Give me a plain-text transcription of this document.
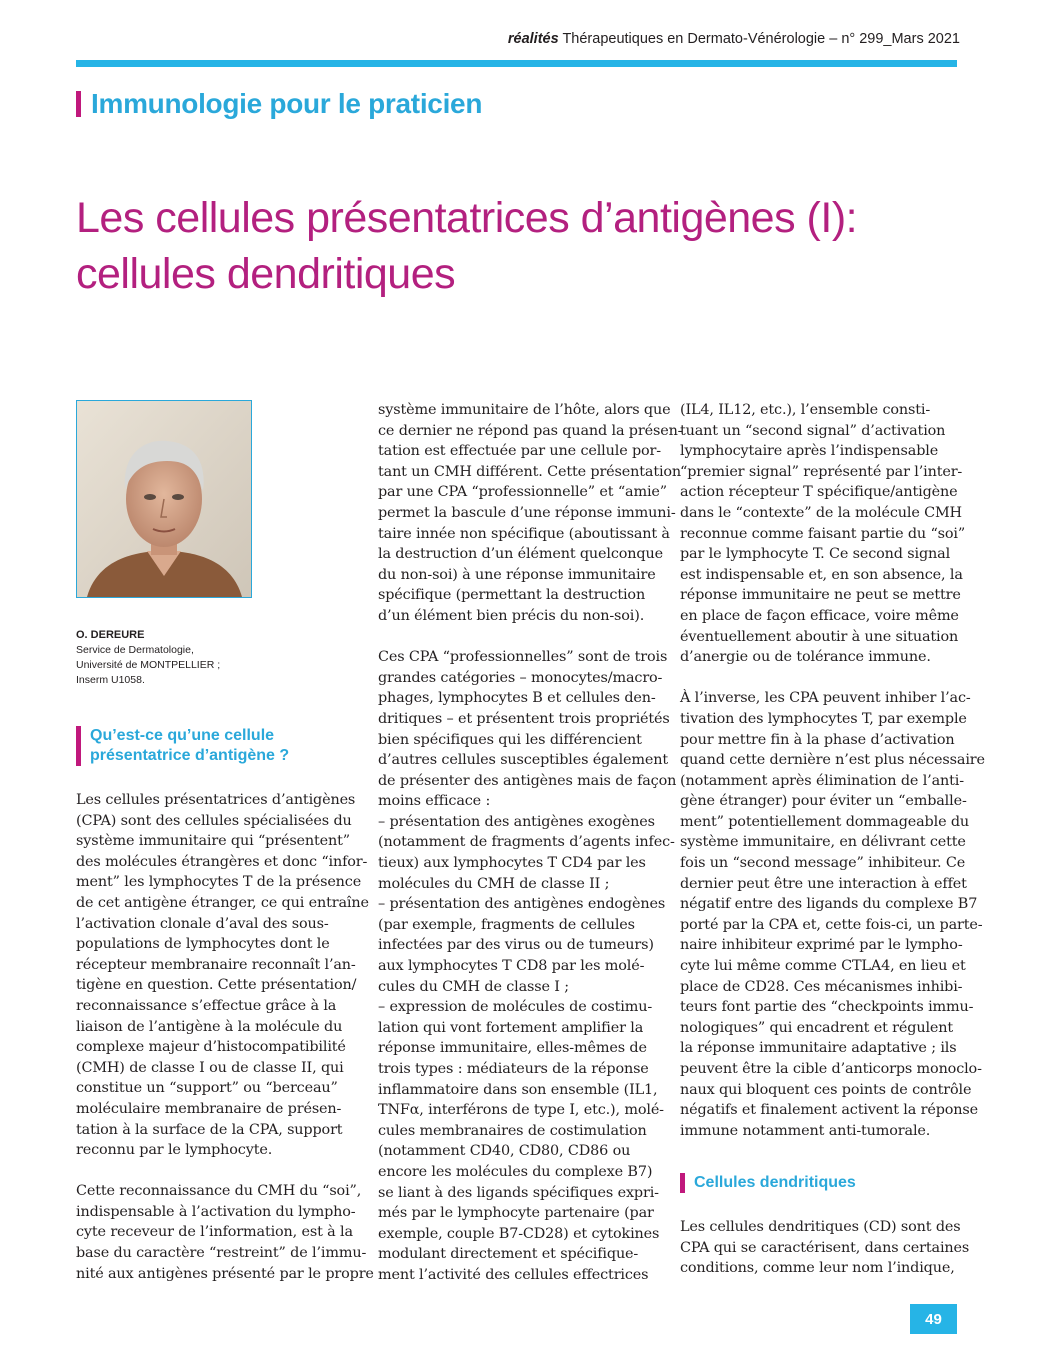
réalités Thérapeutiques en Dermato-Vénérologie – n° 299_Mars 2021
Immunologie pour le praticien
Les cellules présentatrices d’antigènes (I):
cellules dendritiques
O. DEREURE
Service de Dermatologie,
Université de MONTPELLIER ;
Inserm U1058.
Qu’est-ce qu’une cellule
présentatrice d’antigène ?
Les cellules présentatrices d’antigènes
(CPA) sont des cellules spécialisées du
système immunitaire qui “présentent”
des molécules étrangères et donc “infor-
ment” les lymphocytes T de la présence
de cet antigène étranger, ce qui entraîne
l’activation clonale d’aval des sous-
populations de lymphocytes dont le
récepteur membranaire reconnaît l’an-
tigène en question. Cette présentation/
reconnaissance s’effectue grâce à la
liaison de l’antigène à la molécule du
complexe majeur d’histocompatibilité
(CMH) de classe I ou de classe II, qui
constitue un “support” ou “berceau”
moléculaire membranaire de présen-
tation à la surface de la CPA, support
reconnu par le lymphocyte.
Cette reconnaissance du CMH du “soi”,
indispensable à l’activation du lympho-
cyte receveur de l’information, est à la
base du caractère “restreint” de l’immu-
nité aux antigènes présenté par le propre
système immunitaire de l’hôte, alors que
ce dernier ne répond pas quand la présen-
tation est effectuée par une cellule por-
tant un CMH différent. Cette présentation
par une CPA “professionnelle” et “amie”
permet la bascule d’une réponse immuni-
taire innée non spécifique (aboutissant à
la destruction d’un élément quelconque
du non-soi) à une réponse immunitaire
spécifique (permettant la destruction
d’un élément bien précis du non-soi).
Ces CPA “professionnelles” sont de trois
grandes catégories – monocytes/macro-
phages, lymphocytes B et cellules den-
dritiques – et présentent trois propriétés
bien spécifiques qui les différencient
d’autres cellules susceptibles également
de présenter des antigènes mais de façon
moins efficace :
– présentation des antigènes exogènes
(notamment de fragments d’agents infec-
tieux) aux lymphocytes T CD4 par les
molécules du CMH de classe II ;
– présentation des antigènes endogènes
(par exemple, fragments de cellules
infectées par des virus ou de tumeurs)
aux lymphocytes T CD8 par les molé-
cules du CMH de classe I ;
– expression de molécules de costimu-
lation qui vont fortement amplifier la
réponse immunitaire, elles-mêmes de
trois types : médiateurs de la réponse
inflammatoire dans son ensemble (IL1,
TNFα, interférons de type I, etc.), molé-
cules membranaires de costimulation
(notamment CD40, CD80, CD86 ou
encore les molécules du complexe B7)
se liant à des ligands spécifiques expri-
més par le lymphocyte partenaire (par
exemple, couple B7-CD28) et cytokines
modulant directement et spécifique-
ment l’activité des cellules effectrices
(IL4, IL12, etc.), l’ensemble consti-
tuant un “second signal” d’activation
lymphocytaire après l’indispensable
“premier signal” représenté par l’inter-
action récepteur T spécifique/antigène
dans le “contexte” de la molécule CMH
reconnue comme faisant partie du “soi”
par le lymphocyte T. Ce second signal
est indispensable et, en son absence, la
réponse immunitaire ne peut se mettre
en place de façon efficace, voire même
éventuellement aboutir à une situation
d’anergie ou de tolérance immune.
À l’inverse, les CPA peuvent inhiber l’ac-
tivation des lymphocytes T, par exemple
pour mettre fin à la phase d’activation
quand cette dernière n’est plus nécessaire
(notamment après élimination de l’anti-
gène étranger) pour éviter un “emballe-
ment” potentiellement dommageable du
système immunitaire, en délivrant cette
fois un “second message” inhibiteur. Ce
dernier peut être une interaction à effet
négatif entre des ligands du complexe B7
porté par la CPA et, cette fois-ci, un parte-
naire inhibiteur exprimé par le lympho-
cyte lui même comme CTLA4, en lieu et
place de CD28. Ces mécanismes inhibi-
teurs font partie des “checkpoints immu-
nologiques” qui encadrent et régulent
la réponse immunitaire adaptative ; ils
peuvent être la cible d’anticorps monoclo-
naux qui bloquent ces points de contrôle
négatifs et finalement activent la réponse
immune notamment anti-tumorale.
Cellules dendritiques
Les cellules dendritiques (CD) sont des
CPA qui se caractérisent, dans certaines
conditions, comme leur nom l’indique,
49
